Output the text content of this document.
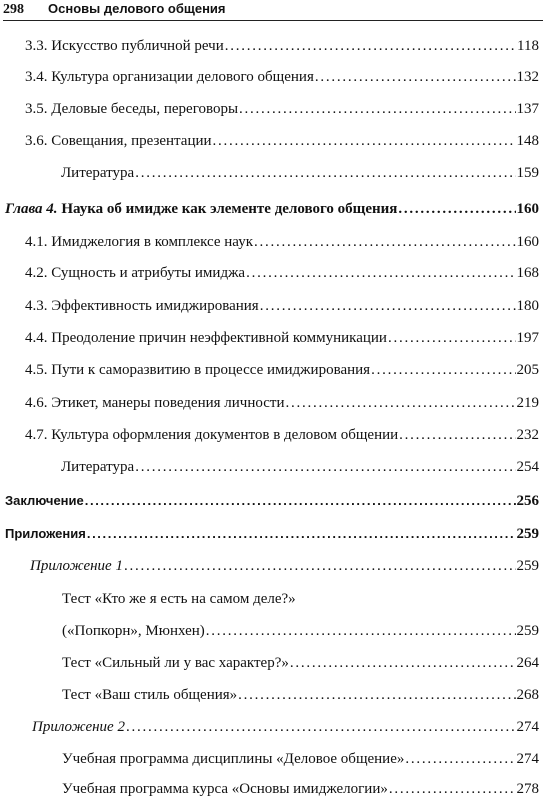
298 Основы делового общения
3.3. Искусство публичной речи . . .	118
3.4. Культура организации делового общения . . .	132
3.5. Деловые беседы, переговоры . . .	137
3.6. Совещания, презентации . . .	148
Литература . . .	159
Глава 4. Наука об имидже как элементе делового общения . . .	160
4.1. Имиджелогия в комплексе наук . . .	160
4.2. Сущность и атрибуты имиджа . . .	168
4.3. Эффективность имиджирования . . .	180
4.4. Преодоление причин неэффективной коммуникации . . .	197
4.5. Пути к саморазвитию в процессе имиджирования . . .	205
4.6. Этикет, манеры поведения личности . . .	219
4.7. Культура оформления документов в деловом общении . . .	232
Литература . . .	254
Заключение . . .	256
Приложения . . .	259
Приложение 1 . . .	259
Тест «Кто же я есть на самом деле?»
(«Попкорн», Мюнхен) . . .	259
Тест «Сильный ли у вас характер?» . . .	264
Тест «Ваш стиль общения» . . .	268
Приложение 2 . . .	274
Учебная программа дисциплины «Деловое общение» . . .	274
Учебная программа курса «Основы имиджелогии» . . .	278
